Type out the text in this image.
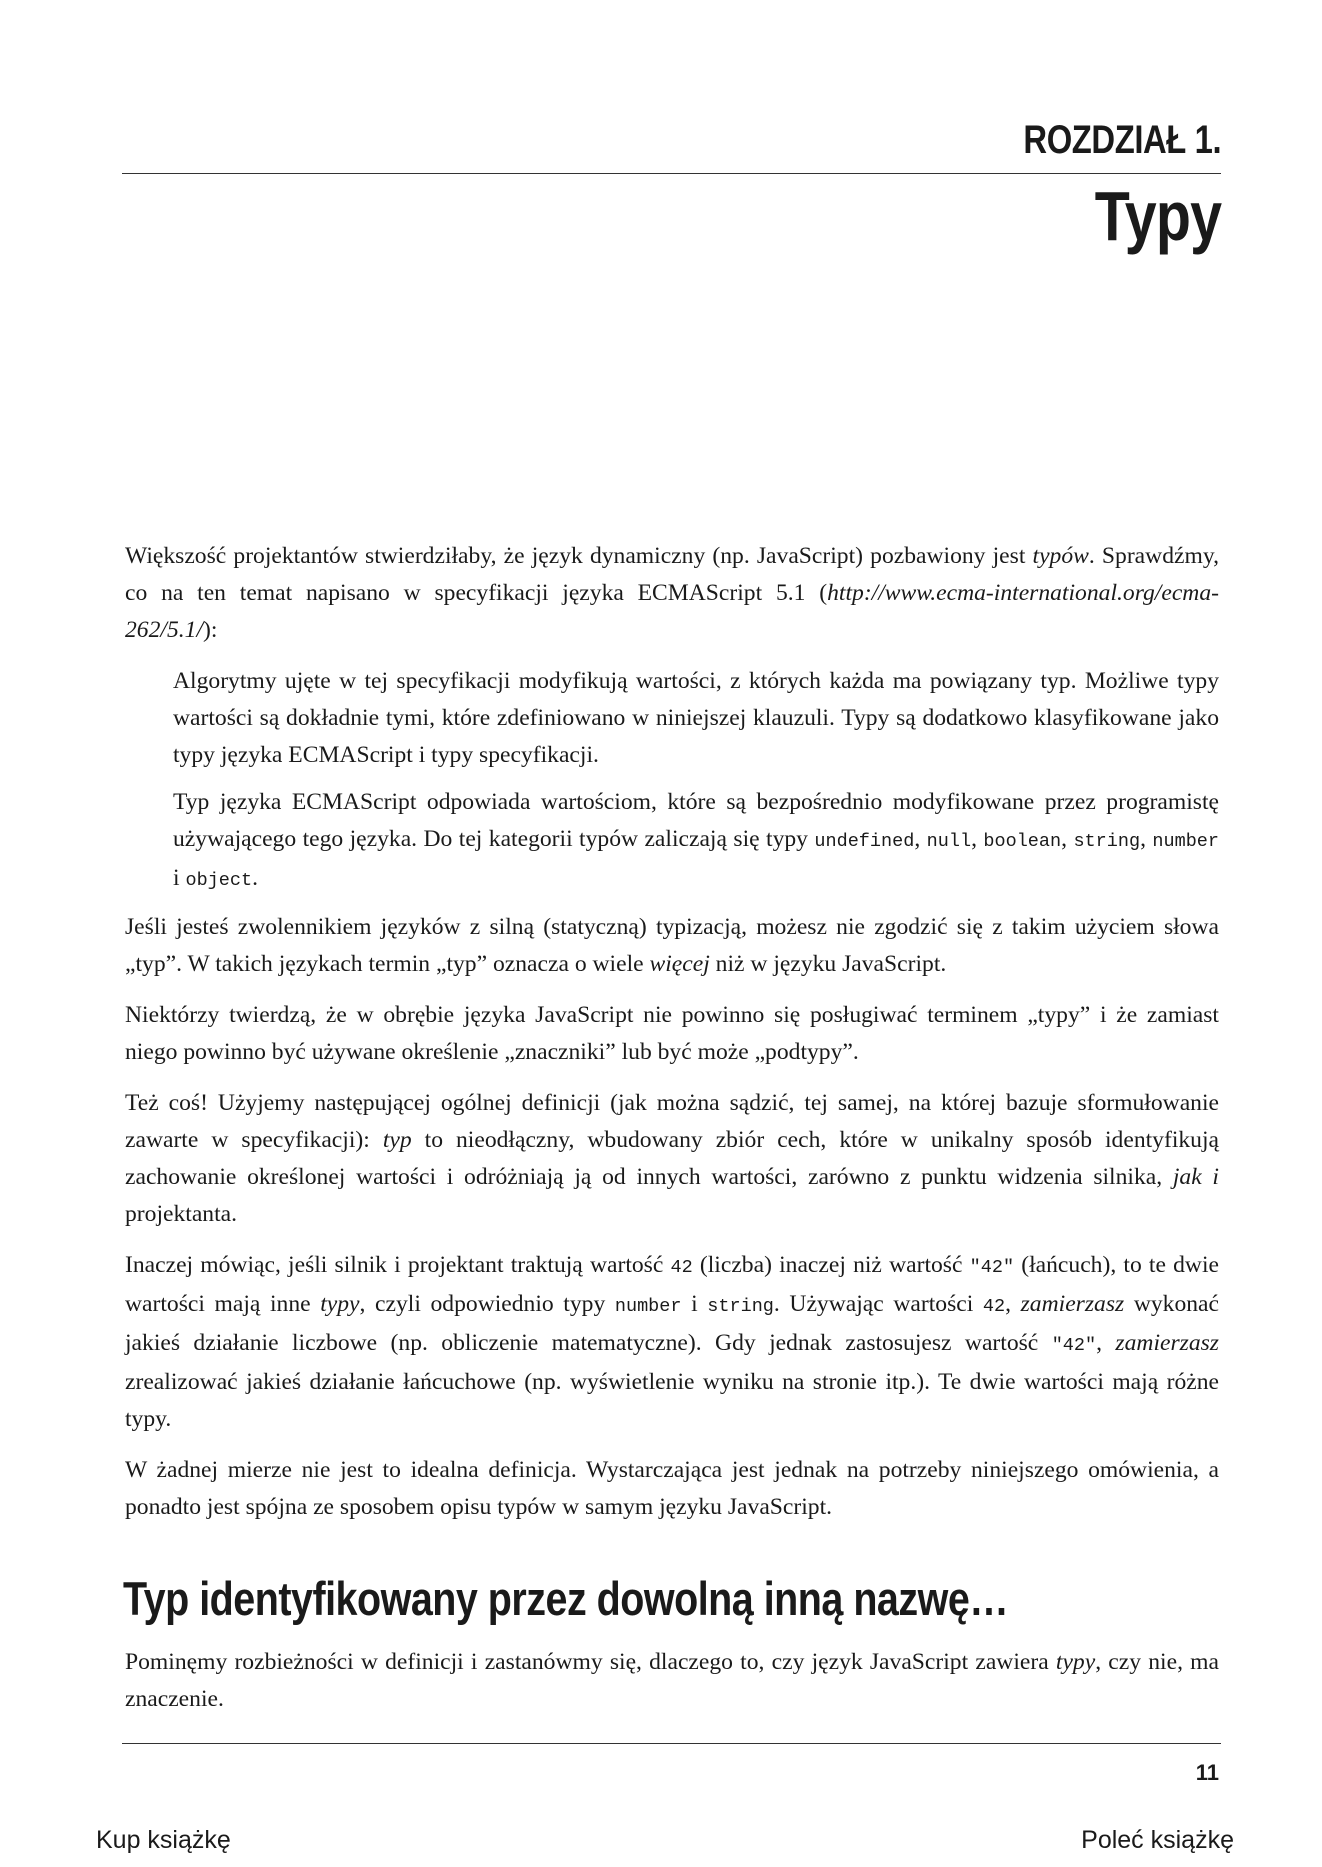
ROZDZIAŁ 1.
Typy

Większość projektantów stwierdziłaby, że język dynamiczny (np. JavaScript) pozbawiony jest typów. Sprawdźmy, co na ten temat napisano w specyfikacji języka ECMAScript 5.1 (http://www.ecma-international.org/ecma-262/5.1/):

Algorytmy ujęte w tej specyfikacji modyfikują wartości, z których każda ma powiązany typ. Możliwe typy wartości są dokładnie tymi, które zdefiniowano w niniejszej klauzuli. Typy są dodatkowo klasyfikowane jako typy języka ECMAScript i typy specyfikacji.

Typ języka ECMAScript odpowiada wartościom, które są bezpośrednio modyfikowane przez programistę używającego tego języka. Do tej kategorii typów zaliczają się typy undefined, null, boolean, string, number i object.

Jeśli jesteś zwolennikiem języków z silną (statyczną) typizacją, możesz nie zgodzić się z takim użyciem słowa „typ”. W takich językach termin „typ” oznacza o wiele więcej niż w języku JavaScript.

Niektórzy twierdzą, że w obrębie języka JavaScript nie powinno się posługiwać terminem „typy” i że zamiast niego powinno być używane określenie „znaczniki” lub być może „podtypy”.

Też coś! Użyjemy następującej ogólnej definicji (jak można sądzić, tej samej, na której bazuje sformułowanie zawarte w specyfikacji): typ to nieodłączny, wbudowany zbiór cech, które w unikalny sposób identyfikują zachowanie określonej wartości i odróżniają ją od innych wartości, zarówno z punktu widzenia silnika, jak i projektanta.

Inaczej mówiąc, jeśli silnik i projektant traktują wartość 42 (liczba) inaczej niż wartość "42" (łańcuch), to te dwie wartości mają inne typy, czyli odpowiednio typy number i string. Używając wartości 42, zamierzasz wykonać jakieś działanie liczbowe (np. obliczenie matematyczne). Gdy jednak zastosujesz wartość "42", zamierzasz zrealizować jakieś działanie łańcuchowe (np. wyświetlenie wyniku na stronie itp.). Te dwie wartości mają różne typy.

W żadnej mierze nie jest to idealna definicja. Wystarczająca jest jednak na potrzeby niniejszego omówienia, a ponadto jest spójna ze sposobem opisu typów w samym języku JavaScript.

Typ identyfikowany przez dowolną inną nazwę…

Pominęmy rozbieżności w definicji i zastanówmy się, dlaczego to, czy język JavaScript zawiera typy, czy nie, ma znaczenie.

11
Kup książkę	Poleć książkę
